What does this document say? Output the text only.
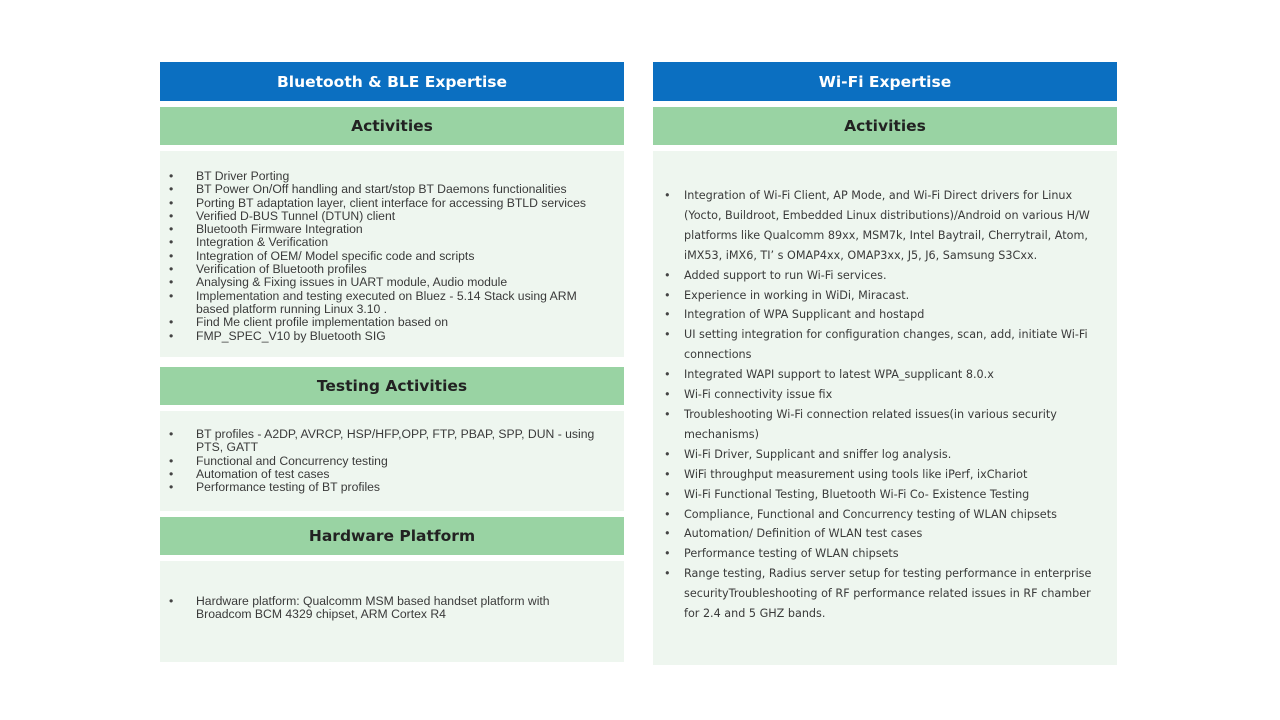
Bluetooth & BLE Expertise
Activities
• BT Driver Porting
• BT Power On/Off handling and start/stop BT Daemons functionalities
• Porting BT adaptation layer, client interface for accessing BTLD services
• Verified D-BUS Tunnel (DTUN) client
• Bluetooth Firmware Integration
• Integration & Verification
• Integration of OEM/ Model specific code and scripts
• Verification of Bluetooth profiles
• Analysing & Fixing issues in UART module, Audio module
• Implementation and testing executed on Bluez - 5.14 Stack using ARM based platform running Linux 3.10 .
• Find Me client profile implementation based on
• FMP_SPEC_V10 by Bluetooth SIG
Testing Activities
• BT profiles - A2DP, AVRCP, HSP/HFP,OPP, FTP, PBAP, SPP, DUN - using PTS, GATT
• Functional and Concurrency testing
• Automation of test cases
• Performance testing of BT profiles
Hardware Platform
• Hardware platform: Qualcomm MSM based handset platform with Broadcom BCM 4329 chipset, ARM Cortex R4
Wi-Fi Expertise
Activities
• Integration of Wi-Fi Client, AP Mode, and Wi-Fi Direct drivers for Linux (Yocto, Buildroot, Embedded Linux distributions)/Android on various H/W platforms like Qualcomm 89xx, MSM7k, Intel Baytrail, Cherrytrail, Atom, iMX53, iMX6, TI’ s OMAP4xx, OMAP3xx, J5, J6, Samsung S3Cxx.
• Added support to run Wi-Fi services.
• Experience in working in WiDi, Miracast.
• Integration of WPA Supplicant and hostapd
• UI setting integration for configuration changes, scan, add, initiate Wi-Fi connections
• Integrated WAPI support to latest WPA_supplicant 8.0.x
• Wi-Fi connectivity issue fix
• Troubleshooting Wi-Fi connection related issues(in various security mechanisms)
• Wi-Fi Driver, Supplicant and sniffer log analysis.
• WiFi throughput measurement using tools like iPerf, ixChariot
• Wi-Fi Functional Testing, Bluetooth Wi-Fi Co- Existence Testing
• Compliance, Functional and Concurrency testing of WLAN chipsets
• Automation/ Definition of WLAN test cases
• Performance testing of WLAN chipsets
• Range testing, Radius server setup for testing performance in enterprise securityTroubleshooting of RF performance related issues in RF chamber for 2.4 and 5 GHZ bands.
